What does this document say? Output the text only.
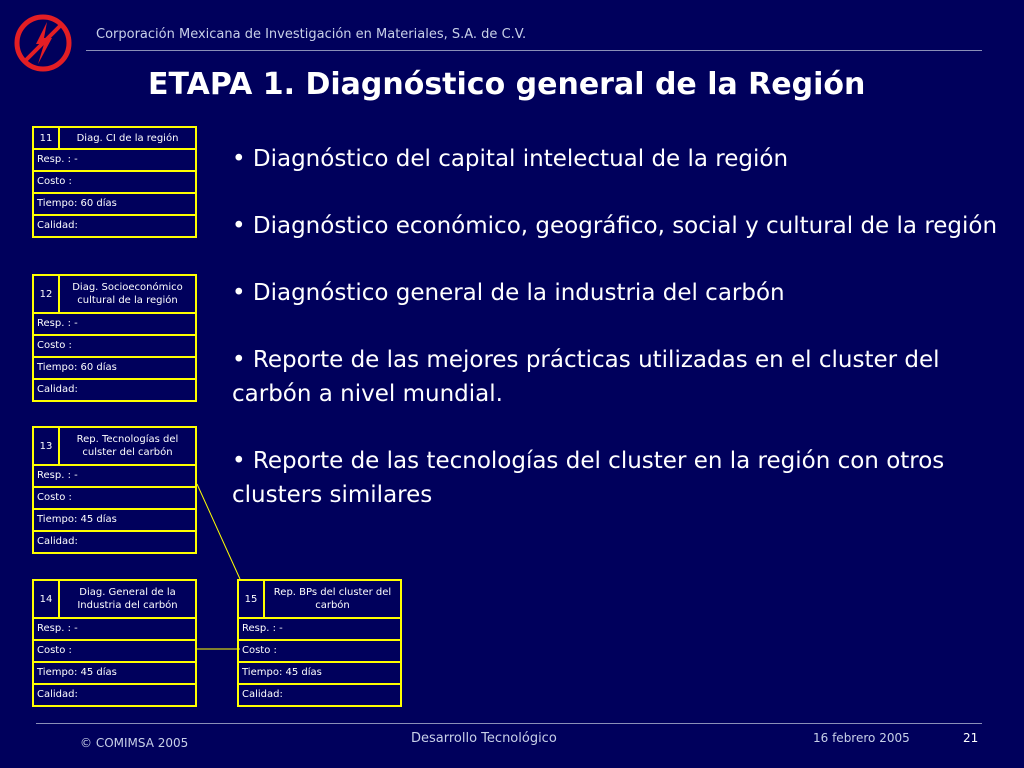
Corporación Mexicana de Investigación en Materiales, S.A. de C.V.
ETAPA 1. Diagnóstico general de la Región
11	Diag. CI de la región
Resp. : -
Costo :
Tiempo: 60 días
Calidad:
12
Diag. Socioeconómico cultural de la región
Resp. : -
Costo :
Tiempo: 60 días
Calidad:
13
Rep. Tecnologías del culster del carbón
Resp. : -
Costo :
Tiempo: 45 días
Calidad:
14
Diag. General de la Industria del carbón
Resp. : -
Costo :
Tiempo: 45 días
Calidad:
15
Rep. BPs del cluster del carbón
Resp. : -
Costo :
Tiempo: 45 días
Calidad:

• Diagnóstico del capital intelectual de la región

• Diagnóstico económico, geográfico, social y cultural de la región

• Diagnóstico general de la industria del carbón

• Reporte de las mejores prácticas utilizadas en el cluster del carbón a nivel mundial.

• Reporte de las tecnologías del cluster en la región con otros clusters similares

© COMIMSA 2005	Desarrollo Tecnológico	16 febrero 2005	21
